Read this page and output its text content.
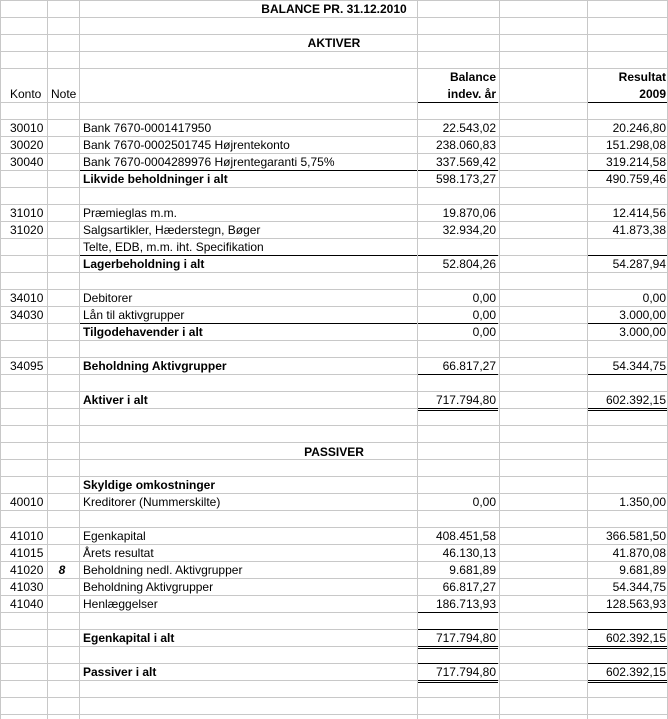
BALANCE PR. 31.12.2010
AKTIVER
PASSIVER
Balance	Resultat
Konto Note	indev. år	2009
30010	Bank 7670-0001417950	22.543,02	20.246,80
30020	Bank 7670-0002501745 Højrentekonto	238.060,83	151.298,08
30040	Bank 7670-0004289976 Højrentegaranti 5,75%	337.569,42	319.214,58
Likvide beholdninger i alt	598.173,27	490.759,46
31010	Præmieglas m.m.	19.870,06	12.414,56
31020	Salgsartikler, Hæderstegn, Bøger	32.934,20	41.873,38
Telte, EDB, m.m. iht. Specifikation
Lagerbeholdning i alt	52.804,26	54.287,94
34010	Debitorer	0,00	0,00
34030	Lån til aktivgrupper	0,00	3.000,00
Tilgodehavender i alt	0,00	3.000,00
34095	Beholdning Aktivgrupper	66.817,27	54.344,75
Aktiver i alt	717.794,80	602.392,15
Skyldige omkostninger
40010	Kreditorer (Nummerskilte)	0,00	1.350,00
41010	Egenkapital	408.451,58	366.581,50
41015	Årets resultat	46.130,13	41.870,08
41020	8	Beholdning nedl. Aktivgrupper	9.681,89	9.681,89
41030	Beholdning Aktivgrupper	66.817,27	54.344,75
41040	Henlæggelser	186.713,93	128.563,93
Egenkapital i alt	717.794,80	602.392,15
Passiver i alt	717.794,80	602.392,15
